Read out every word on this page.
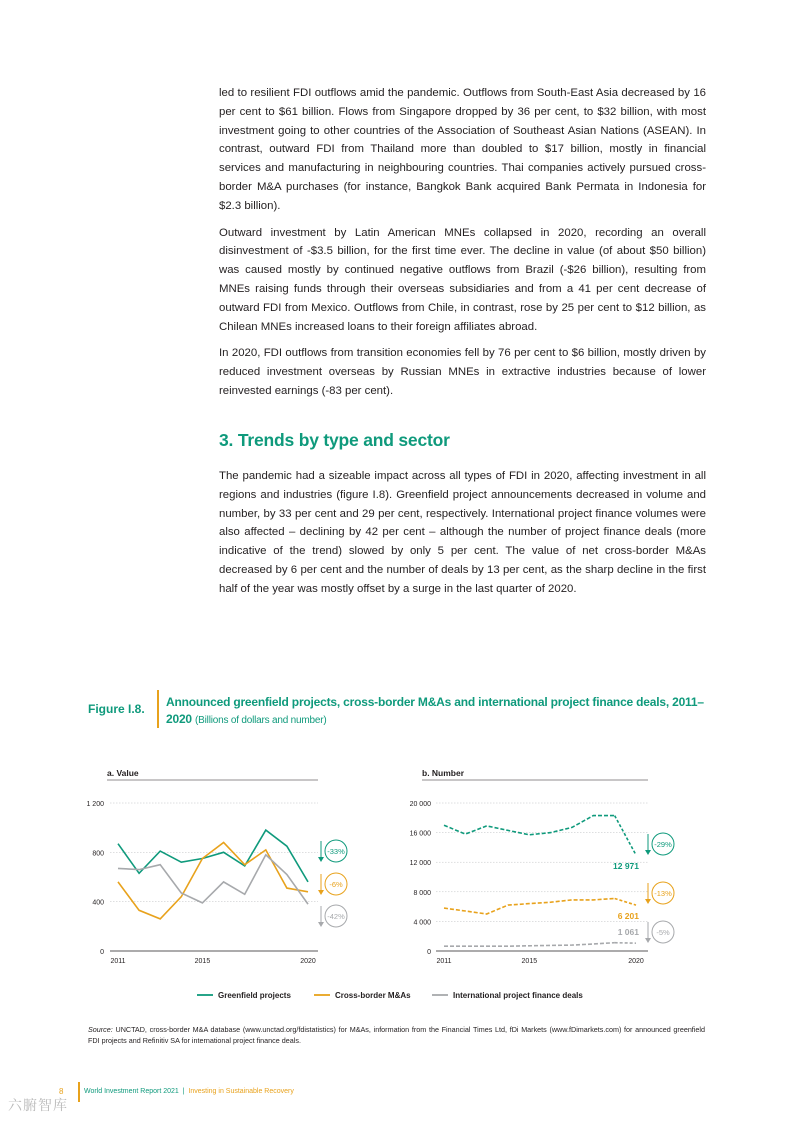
led to resilient FDI outflows amid the pandemic. Outflows from South-East Asia decreased by 16 per cent to $61 billion. Flows from Singapore dropped by 36 per cent, to $32 billion, with most investment going to other countries of the Association of Southeast Asian Nations (ASEAN). In contrast, outward FDI from Thailand more than doubled to $17 billion, mostly in financial services and manufacturing in neighbouring countries. Thai companies actively pursued cross-border M&A purchases (for instance, Bangkok Bank acquired Bank Permata in Indonesia for $2.3 billion).

Outward investment by Latin American MNEs collapsed in 2020, recording an overall disinvestment of -$3.5 billion, for the first time ever. The decline in value (of about $50 billion) was caused mostly by continued negative outflows from Brazil (-$26 billion), resulting from MNEs raising funds through their overseas subsidiaries and from a 41 per cent decrease of outward FDI from Mexico. Outflows from Chile, in contrast, rose by 25 per cent to $12 billion, as Chilean MNEs increased loans to their foreign affiliates abroad.

In 2020, FDI outflows from transition economies fell by 76 per cent to $6 billion, mostly driven by reduced investment overseas by Russian MNEs in extractive industries because of lower reinvested earnings (-83 per cent).

3. Trends by type and sector

The pandemic had a sizeable impact across all types of FDI in 2020, affecting investment in all regions and industries (figure I.8). Greenfield project announcements decreased in volume and number, by 33 per cent and 29 per cent, respectively. International project finance volumes were also affected – declining by 42 per cent – although the number of project finance deals (more indicative of the trend) slowed by only 5 per cent. The value of net cross-border M&As decreased by 6 per cent and the number of deals by 13 per cent, as the sharp decline in the first half of the year was mostly offset by a surge in the last quarter of 2020.

Figure I.8. Announced greenfield projects, cross-border M&As and international project finance deals, 2011–2020 (Billions of dollars and number)
a. Value
0
400
800
1 200
2011	2015	2020
-33%
-6%
-42%
b. Number
0
4 000
8 000
12 000
16 000
20 000
2011	2015	2020
12 971
-29%
6 201
-13%
1 061 -5%
Greenfield projects	Cross-border M&As	International project finance deals
Source: UNCTAD, cross-border M&A database (www.unctad.org/fdistatistics) for M&As, information from the Financial Times Ltd, fDi Markets (www.fDimarkets.com) for announced greenfield FDI projects and Refinitiv SA for international project finance deals.
8	World Investment Report 2021  |  Investing in Sustainable Recovery
六腑智库
